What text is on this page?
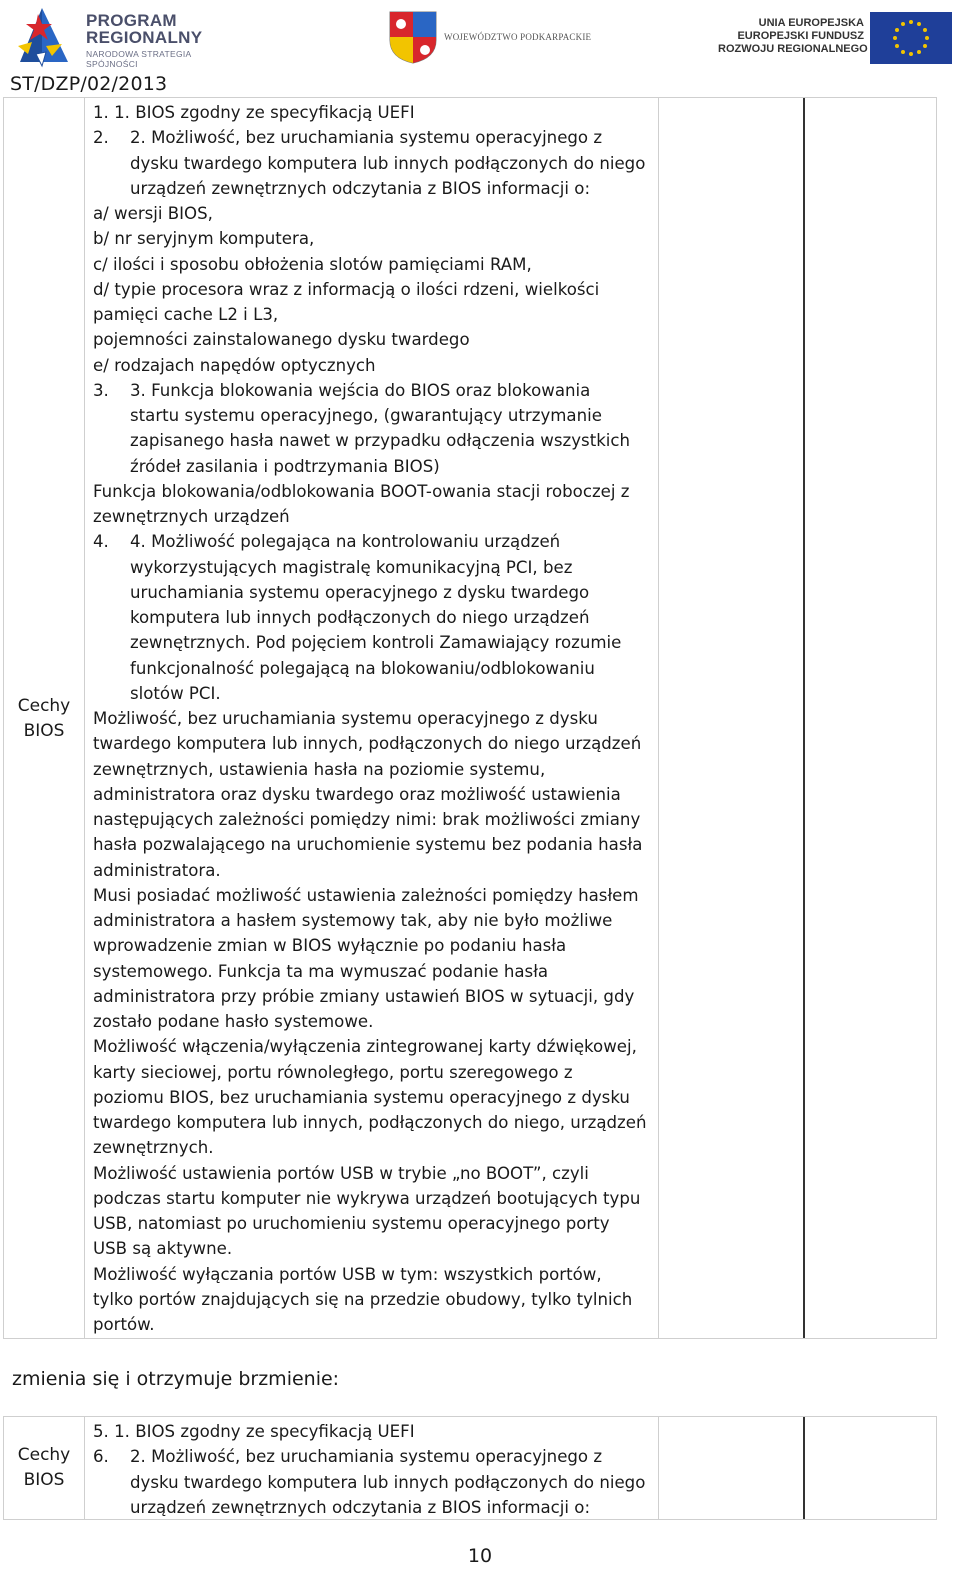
PROGRAM
REGIONALNY
NARODOWA STRATEGIA SPÓJNOŚCI
WOJEWÓDZTWO PODKARPACKIE
UNIA EUROPEJSKA
EUROPEJSKI FUNDUSZ
ROZWOJU REGIONALNEGO
ST/DZP/02/2013
Cechy
BIOS

1. 1. BIOS zgodny ze specyfikacją UEFI

2. 2. Możliwość, bez uruchamiania systemu operacyjnego z

dysku twardego komputera lub innych podłączonych do niego

urządzeń zewnętrznych odczytania z BIOS informacji o:

a/ wersji BIOS,

b/ nr seryjnym komputera,

c/ ilości i sposobu obłożenia slotów pamięciami RAM,

d/ typie procesora wraz z informacją o ilości rdzeni, wielkości

pamięci cache L2 i L3,

pojemności zainstalowanego dysku twardego

e/ rodzajach napędów optycznych

3. 3. Funkcja blokowania wejścia do BIOS oraz blokowania

startu systemu operacyjnego, (gwarantujący utrzymanie

zapisanego hasła nawet w przypadku odłączenia wszystkich

źródeł zasilania i podtrzymania BIOS)

Funkcja blokowania/odblokowania BOOT-owania stacji roboczej z

zewnętrznych urządzeń

4. 4. Możliwość polegająca na kontrolowaniu urządzeń

wykorzystujących magistralę komunikacyjną PCI, bez

uruchamiania systemu operacyjnego z dysku twardego

komputera lub innych podłączonych do niego urządzeń

zewnętrznych. Pod pojęciem kontroli Zamawiający rozumie

funkcjonalność polegającą na blokowaniu/odblokowaniu

slotów PCI.

Możliwość, bez uruchamiania systemu operacyjnego z dysku

twardego komputera lub innych, podłączonych do niego urządzeń

zewnętrznych, ustawienia hasła na poziomie systemu,

administratora oraz dysku twardego oraz możliwość ustawienia

następujących zależności pomiędzy nimi: brak możliwości zmiany

hasła pozwalającego na uruchomienie systemu bez podania hasła

administratora.

Musi posiadać możliwość ustawienia zależności pomiędzy hasłem

administratora a hasłem systemowy tak, aby nie było możliwe

wprowadzenie zmian w BIOS wyłącznie po podaniu hasła

systemowego. Funkcja ta ma wymuszać podanie hasła

administratora przy próbie zmiany ustawień BIOS w sytuacji, gdy

zostało podane hasło systemowe.

Możliwość włączenia/wyłączenia zintegrowanej karty dźwiękowej,

karty sieciowej, portu równoległego, portu szeregowego z

poziomu BIOS, bez uruchamiania systemu operacyjnego z dysku

twardego komputera lub innych, podłączonych do niego, urządzeń

zewnętrznych.

Możliwość ustawienia portów USB w trybie „no BOOT”, czyli

podczas startu komputer nie wykrywa urządzeń bootujących typu

USB, natomiast po uruchomieniu systemu operacyjnego porty

USB są aktywne.

Możliwość wyłączania portów USB w tym: wszystkich portów,

tylko portów znajdujących się na przedzie obudowy, tylko tylnich

portów.

zmienia się i otrzymuje brzmienie:
Cechy
BIOS

5. 1. BIOS zgodny ze specyfikacją UEFI

6. 2. Możliwość, bez uruchamiania systemu operacyjnego z

dysku twardego komputera lub innych podłączonych do niego

urządzeń zewnętrznych odczytania z BIOS informacji o:

10
